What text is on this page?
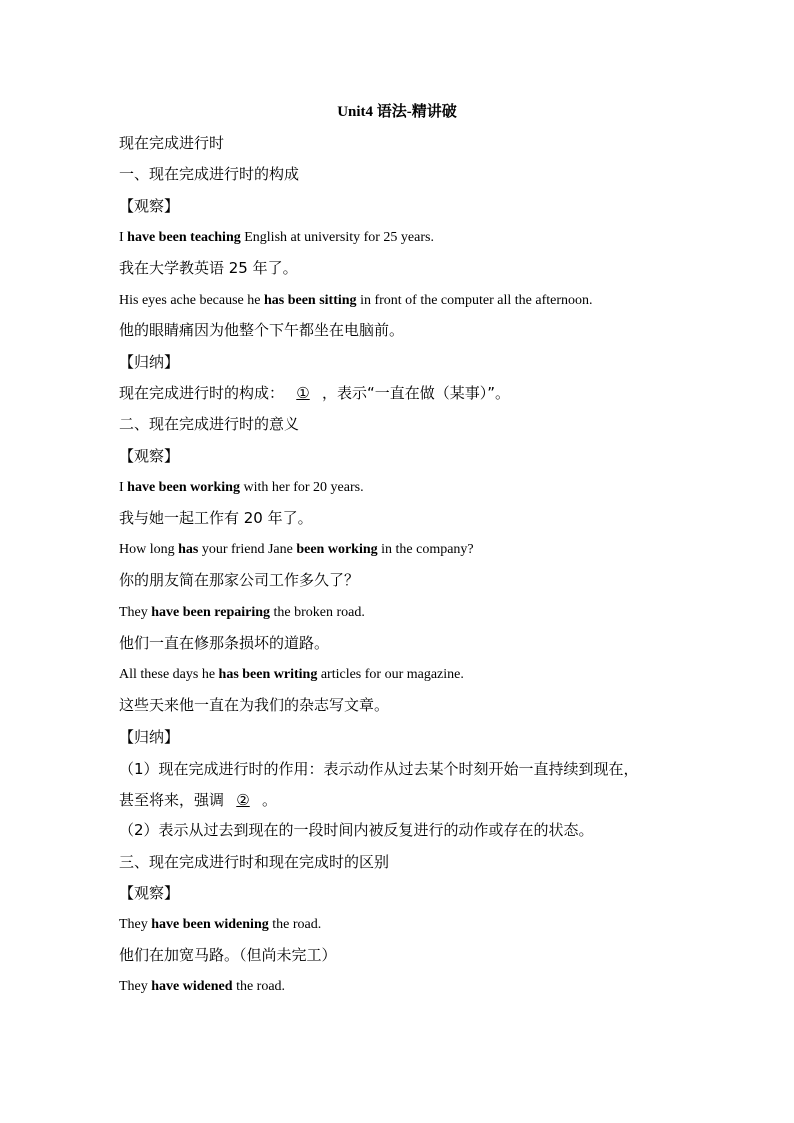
Unit4 语法-精讲破
现在完成进行时
一、现在完成进行时的构成
【观察】
I have been teaching English at university for 25 years.
我在大学教英语 25 年了。
His eyes ache because he has been sitting in front of the computer all the afternoon.
他的眼睛痛因为他整个下午都坐在电脑前。
【归纳】
现在完成进行时的构成： ① ，表示“一直在做（某事）”。
二、现在完成进行时的意义
【观察】
I have been working with her for 20 years.
我与她一起工作有 20 年了。
How long has your friend Jane been working in the company?
你的朋友简在那家公司工作多久了？
They have been repairing the broken road.
他们一直在修那条损坏的道路。
All these days he has been writing articles for our magazine.
这些天来他一直在为我们的杂志写文章。
【归纳】
（1）现在完成进行时的作用：表示动作从过去某个时刻开始一直持续到现在，
甚至将来，强调 ② 。
（2）表示从过去到现在的一段时间内被反复进行的动作或存在的状态。
三、现在完成进行时和现在完成时的区别
【观察】
They have been widening the road.
他们在加宽马路。（但尚未完工）
They have widened the road.
